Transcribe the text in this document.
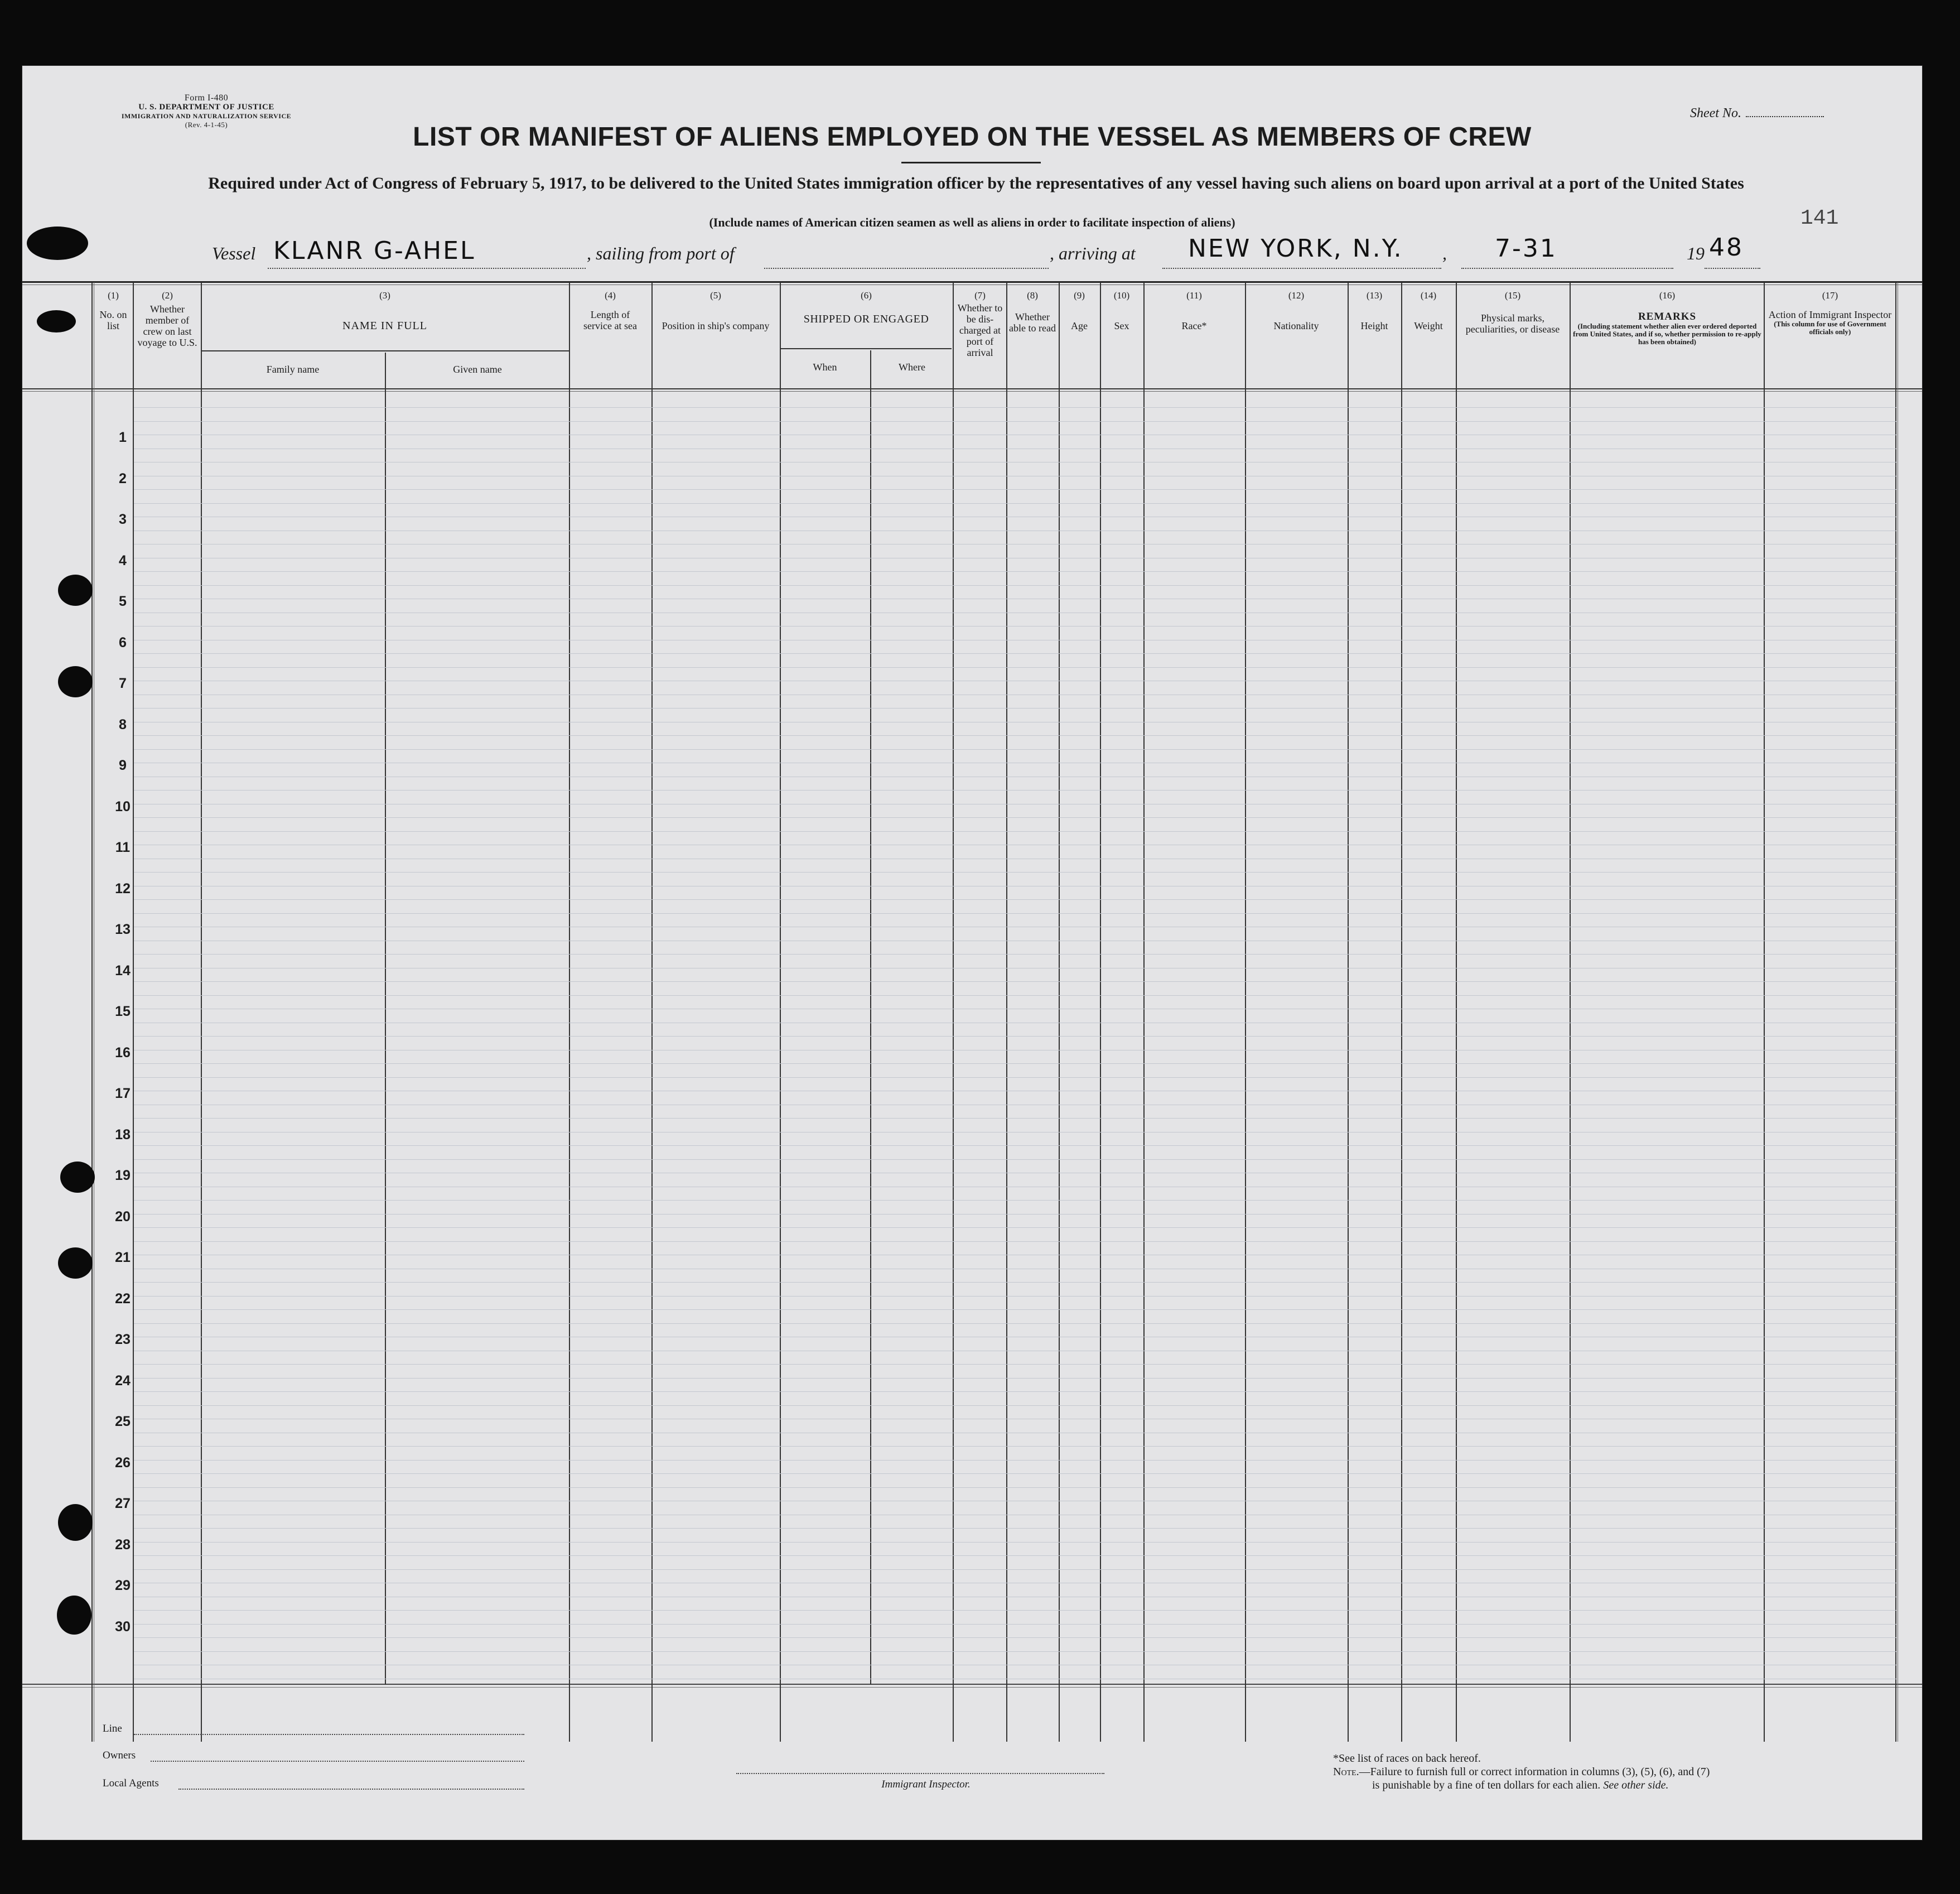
Form I-480
U. S. DEPARTMENT OF JUSTICE
IMMIGRATION AND NATURALIZATION SERVICE
(Rev. 4-1-45)
Sheet No.
LIST OR MANIFEST OF ALIENS EMPLOYED ON THE VESSEL AS MEMBERS OF CREW
Required under Act of Congress of February 5, 1917, to be delivered to the United States immigration officer by the representatives of any vessel having such aliens on board upon arrival at a port of the United States
(Include names of American citizen seamen as well as aliens in order to facilitate inspection of aliens)	141
Vessel KLANR G-AHEL	, sailing from port of	, arriving at NEW YORK, N.Y. , 7-31	19 48
(1)
No. on list
(2)
Whether member of crew on last voyage to U.S.
(3)
NAME IN FULL
Family name	Given name
(4)
Length of service at sea
(5)
Position in ship's company
(6)
SHIPPED OR ENGAGED
When	Where
(7)
Whether to be dis-charged at port of arrival
(8)
Whether able to read
(9)
Age
(10)
Sex
(11)
Race*
(12)
Nationality
(13)
Height
(14)
Weight
(15)
Physical marks, peculiarities, or disease
(16)
REMARKS
(Including statement whether alien ever ordered deported from United States, and if so, whether permission to re-apply has been obtained)
(17)
Action of Immigrant Inspector
(This column for use of Government officials only)
1
2
3
4
5
6
7
8
9
10
11
12
13
14
15
16
17
18
19
20
21
22
23
24
25
26
27
28
29
30
Line
Owners
Local Agents	Immigrant Inspector.
*See list of races on back hereof.
Note.—Failure to furnish full or correct information in columns (3), (5), (6), and (7)
is punishable by a fine of ten dollars for each alien. See other side.
